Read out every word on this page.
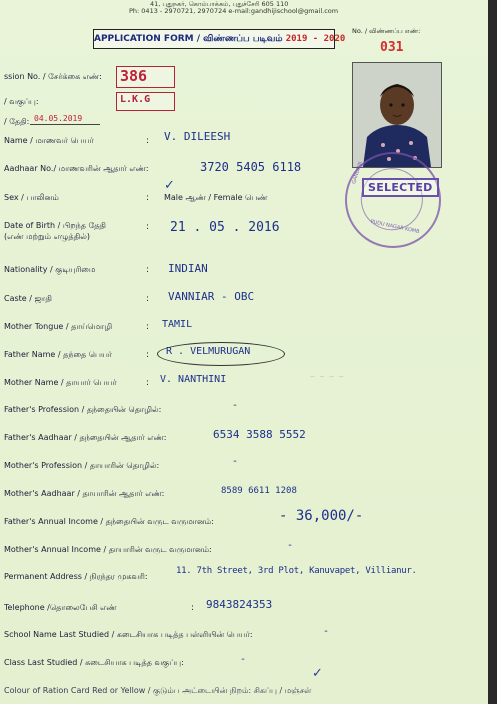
41, புதுநகர், கொம்பாக்கம், புதுச்சேரி 605 110
Ph: 0413 - 2970721, 2970724 e-mail:gandhijischool@gmail.com
APPLICATION FORM / விண்ணப்ப படிவம் 2019 - 2020
No. / விண்ணப்ப எண்:
031
GANDHIJI
PUDU NAGAR KOMB
SELECTED
ssion No. / சேர்க்கை எண்: 386
/ வகுப்பு:	L.K.G
/ தேதி: 04.05.2019
Name / மாணவர் பெயர்	: V. DILEESH
Aadhaar No./ மாணவரின் ஆதார் எண்:	3720 5405 6118
Sex / பாலினம்	:
✓
Male ஆண் / Female பெண்
Date of Birth / பிறந்த தேதி
(எண் மற்றும் எழுத்தில்)
: 21 . 05 . 2016
Nationality / குடியுரிமை	: INDIAN
Caste / ஜாதி	: VANNIAR - OBC
Mother Tongue / தாய்மொழி	: TAMIL
Father Name / தந்தை பெயர்	: R . VELMURUGAN
Mother Name / தாயார் பெயர்	: V. NANTHINI	~ ~ ~ ~
Father's Profession / தந்தையின் தொழில்:	-
Father's Aadhaar / தந்தையின் ஆதார் எண்:	6534 3588 5552
Mother's Profession / தாயாரின் தொழில்:	-
Mother's Aadhaar / தாயாரின் ஆதார் எண்:	8589 6611 1208
Father's Annual Income / தந்தையின் வருட வருமானம்:	- 36,000/-
Mother's Annual Income / தாயாரின் வருட வருமானம்:	-
Permanent Address / நிரந்தர முகவரி:
11. 7th Street, 3rd Plot, Kanuvapet, Villianur.
Telephone /தொலைபேசி எண்	: 9843824353
School Name Last Studied / கடைசியாக படித்த பள்ளியின் பெயர்:	-
Class Last Studied / கடைசியாக படித்த வகுப்பு:	-
✓
Colour of Ration Card Red or Yellow / குடும்ப அட்டையின் நிறம்: சிகப்பு / மஞ்சள்
